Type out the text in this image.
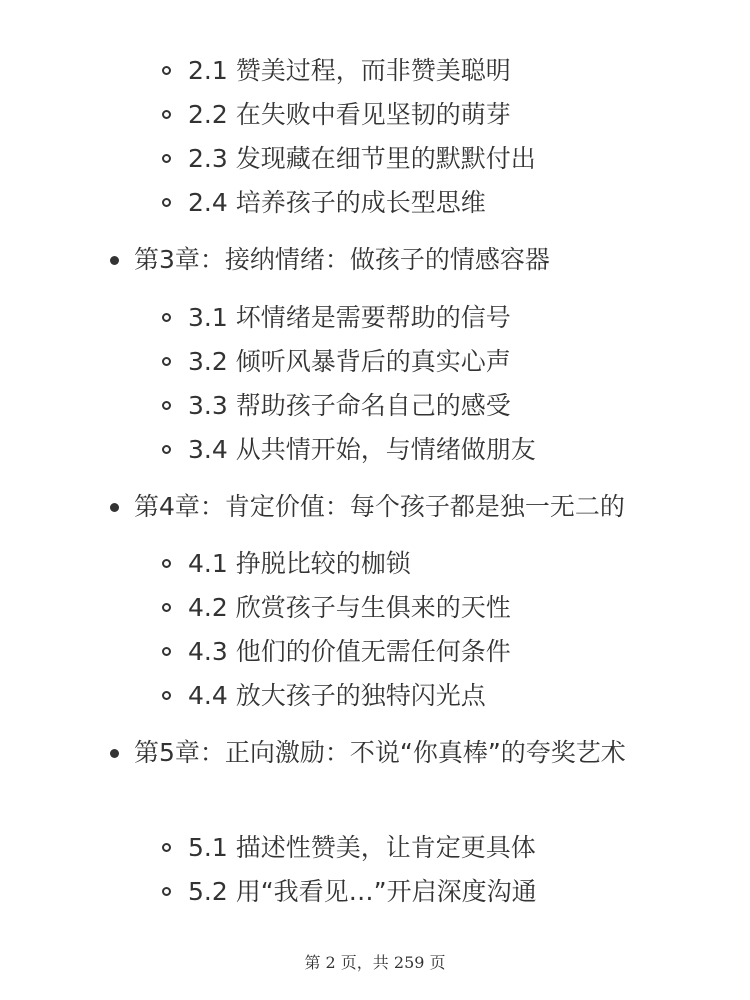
2.1 赞美过程，而非赞美聪明
2.2 在失败中看见坚韧的萌芽
2.3 发现藏在细节里的默默付出
2.4 培养孩子的成长型思维
第3章：接纳情绪：做孩子的情感容器
3.1 坏情绪是需要帮助的信号
3.2 倾听风暴背后的真实心声
3.3 帮助孩子命名自己的感受
3.4 从共情开始，与情绪做朋友
第4章：肯定价值：每个孩子都是独一无二的
4.1 挣脱比较的枷锁
4.2 欣赏孩子与生俱来的天性
4.3 他们的价值无需任何条件
4.4 放大孩子的独特闪光点
第5章：正向激励：不说“你真棒”的夸奖艺术
5.1 描述性赞美，让肯定更具体
5.2 用“我看见…”开启深度沟通
第 2 页，共 259 页
